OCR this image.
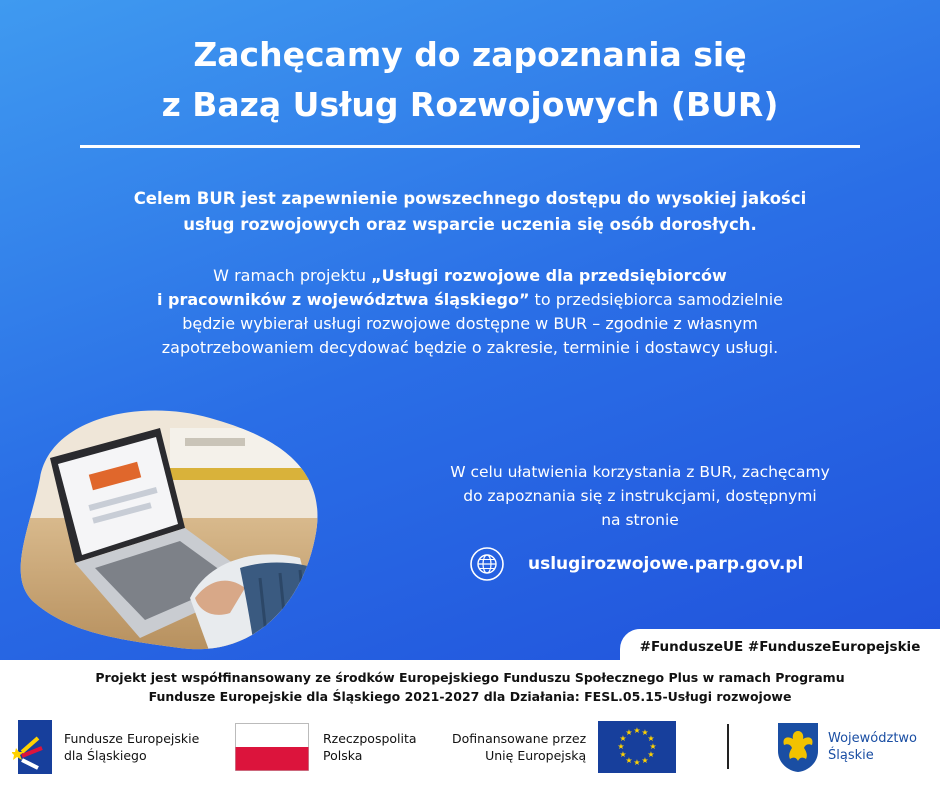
Zachęcamy do zapoznania się
z Bazą Usług Rozwojowych (BUR)
Celem BUR jest zapewnienie powszechnego dostępu do wysokiej jakości
usług rozwojowych oraz wsparcie uczenia się osób dorosłych.
W ramach projektu „Usługi rozwojowe dla przedsiębiorców
i pracowników z województwa śląskiego” to przedsiębiorca samodzielnie
będzie wybierał usługi rozwojowe dostępne w BUR – zgodnie z własnym
zapotrzebowaniem decydować będzie o zakresie, terminie i dostawcy usługi.
W celu ułatwienia korzystania z BUR, zachęcamy
do zapoznania się z instrukcjami, dostępnymi
na stronie
uslugirozwojowe.parp.gov.pl
#FunduszeUE #FunduszeEuropejskie
Projekt jest współfinansowany ze środków Europejskiego Funduszu Społecznego Plus w ramach Programu
Fundusze Europejskie dla Śląskiego 2021-2027 dla Działania: FESL.05.15-Usługi rozwojowe
Fundusze Europejskie
dla Śląskiego
Rzeczpospolita
Polska
Dofinansowane przez
Unię Europejską
★ ★
★
★
★
★
★
★
★
★
★
★	Województwo
Śląskie
